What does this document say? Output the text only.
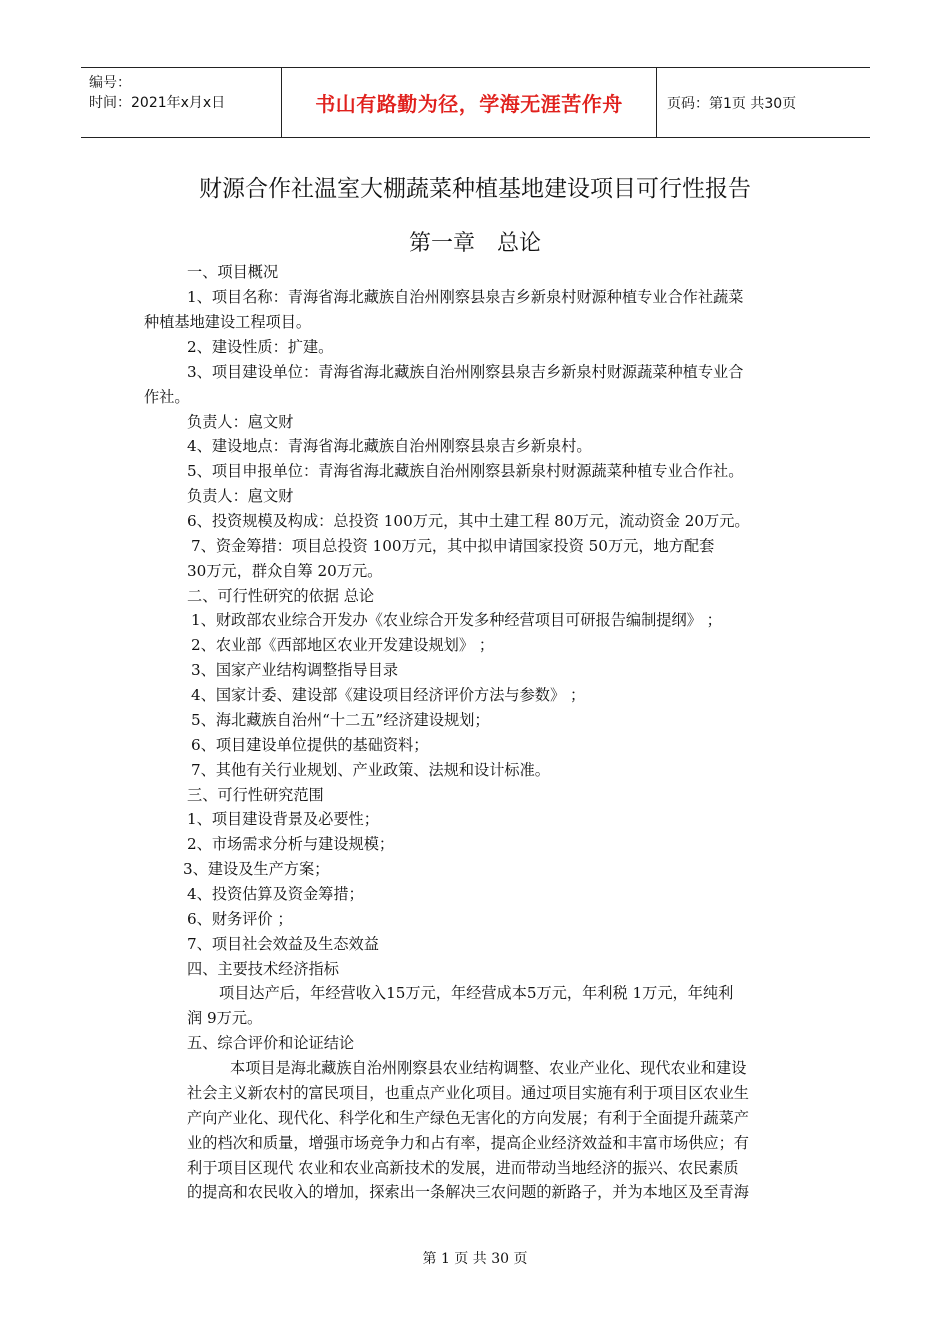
编号：
时间：2021年x月x日	书山有路勤为径，学海无涯苦作舟	页码：第1页 共30页
财源合作社温室大棚蔬菜种植基地建设项目可行性报告
第一章　总论
一、项目概况
1、项目名称：青海省海北藏族自治州刚察县泉吉乡新泉村财源种植专业合作社蔬菜
种植基地建设工程项目。
2、建设性质：扩建。
3、项目建设单位：青海省海北藏族自治州刚察县泉吉乡新泉村财源蔬菜种植专业合
作社。
负责人：扈文财
4、建设地点：青海省海北藏族自治州刚察县泉吉乡新泉村。
5、项目申报单位：青海省海北藏族自治州刚察县新泉村财源蔬菜种植专业合作社。
负责人：扈文财
6、投资规模及构成：总投资 100万元，其中土建工程 80万元，流动资金 20万元。
7、资金筹措：项目总投资 100万元，其中拟申请国家投资 50万元，地方配套
30万元，群众自筹 20万元。
二、可行性研究的依据 总论
1、财政部农业综合开发办《农业综合开发多种经营项目可研报告编制提纲》 ；
2、农业部《西部地区农业开发建设规划》 ；
3、国家产业结构调整指导目录
4、国家计委、建设部《建设项目经济评价方法与参数》 ；
5、海北藏族自治州“十二五”经济建设规划；
6、项目建设单位提供的基础资料；
7、其他有关行业规划、产业政策、法规和设计标准。
三、可行性研究范围
1、项目建设背景及必要性；
2、市场需求分析与建设规模；
3、建设及生产方案；
4、投资估算及资金筹措；
6、财务评价 ；
7、项目社会效益及生态效益
四、主要技术经济指标
项目达产后，年经营收入15万元，年经营成本5万元，年利税 1万元，年纯利
润 9万元。
五、综合评价和论证结论
本项目是海北藏族自治州刚察县农业结构调整、农业产业化、现代农业和建设
社会主义新农村的富民项目，也重点产业化项目。通过项目实施有利于项目区农业生
产向产业化、现代化、科学化和生产绿色无害化的方向发展；有利于全面提升蔬菜产
业的档次和质量，增强市场竞争力和占有率，提高企业经济效益和丰富市场供应；有
利于项目区现代 农业和农业高新技术的发展，进而带动当地经济的振兴、农民素质
的提高和农民收入的增加，探索出一条解决三农问题的新路子，并为本地区及至青海
第 1 页 共 30 页
